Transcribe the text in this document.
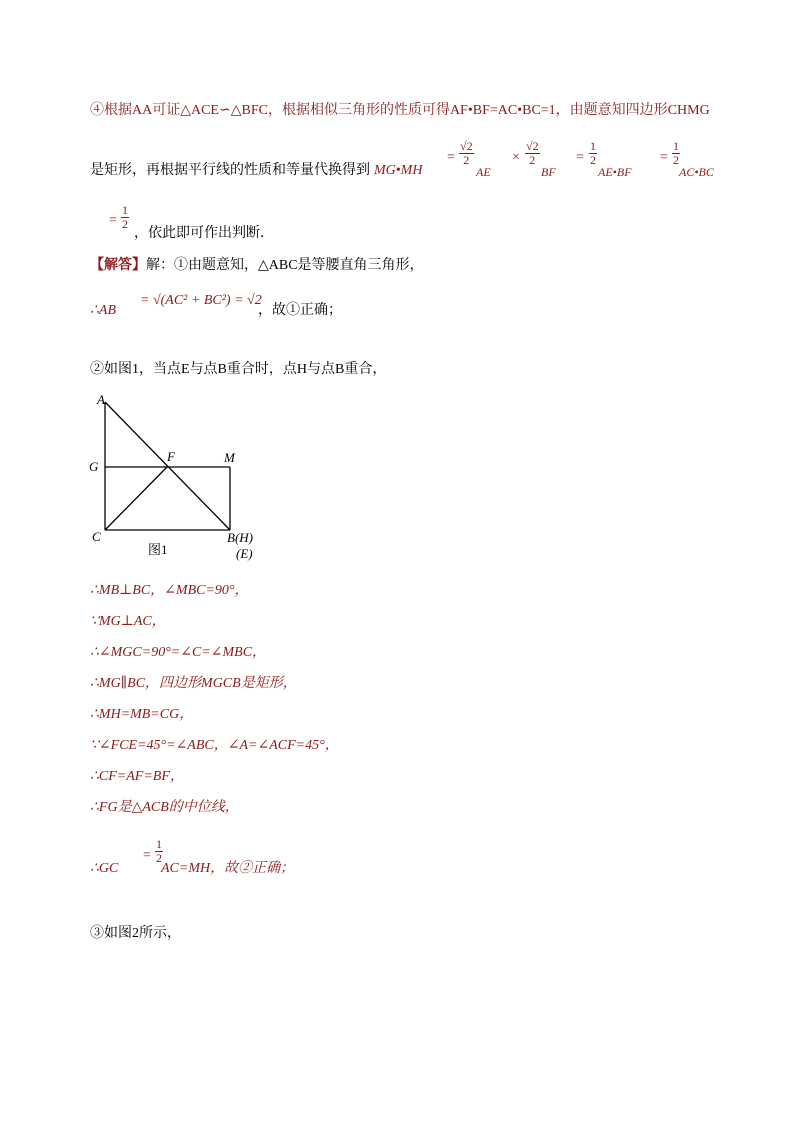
④根据AA可证△ACE∽△BFC，根据相似三角形的性质可得AF•BF=AC•BC=1，由题意知四边形CHMG
是矩形，再根据平行线的性质和等量代换得到 MG•MH
= $\frac{√2}{2}$
AE
× $\frac{√2}{2}$
BF
= $\frac{1}{2}$
AE•BF
= $\frac{1}{2}$
AC•BC
= $\frac{1}{2}$
，依此即可作出判断．
【解答】解：①由题意知，△ABC是等腰直角三角形，
∴AB
= √(AC² + BC²) = √2
，故①正确；
②如图1，当点E与点B重合时，点H与点B重合，
A
G
F	M
C	B(H)
(E)
图1
∴MB⊥BC，∠MBC=90°，
∵MG⊥AC，
∴∠MGC=90°=∠C=∠MBC，
∴MG∥BC，四边形MGCB是矩形，
∴MH=MB=CG，
∵∠FCE=45°=∠ABC，∠A=∠ACF=45°，
∴CF=AF=BF，
∴FG是△ACB的中位线，
∴GC
= $\frac{1}{2}$
AC=MH，故②正确；
③如图2所示，
